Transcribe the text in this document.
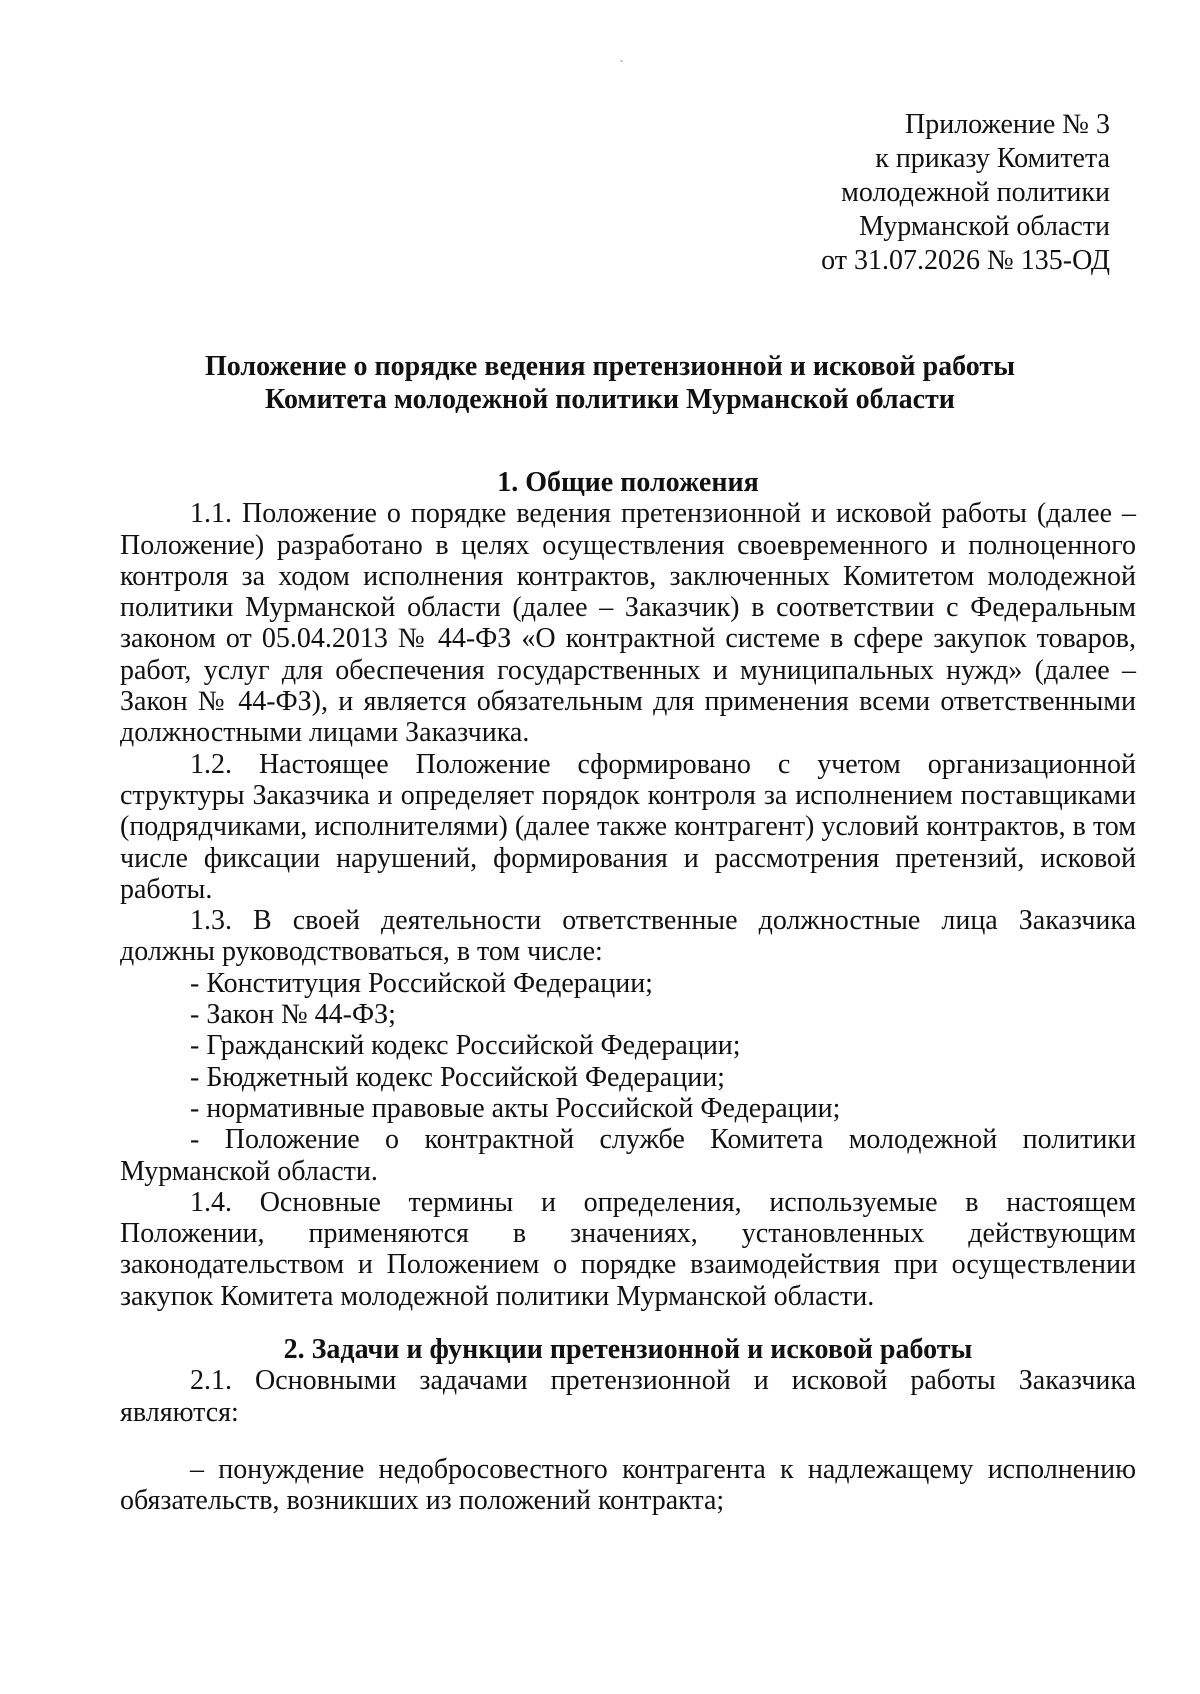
Приложение № 3
к приказу Комитета
молодежной политики
Мурманской области
от 31.07.2026 № 135-ОД
Положение о порядке ведения претензионной и исковой работы
Комитета молодежной политики Мурманской области

1. Общие положения

1.1. Положение о порядке ведения претензионной и исковой работы (далее – Положение) разработано в целях осуществления своевременного и полноценного контроля за ходом исполнения контрактов, заключенных Комитетом молодежной политики Мурманской области (далее – Заказчик) в соответствии с Федеральным законом от 05.04.2013 № 44-ФЗ «О контрактной системе в сфере закупок товаров, работ, услуг для обеспечения государственных и муниципальных нужд» (далее – Закон № 44-ФЗ), и является обязательным для применения всеми ответственными должностными лицами Заказчика.

1.2. Настоящее Положение сформировано с учетом организационной структуры Заказчика и определяет порядок контроля за исполнением поставщиками (подрядчиками, исполнителями) (далее также контрагент) условий контрактов, в том числе фиксации нарушений, формирования и рассмотрения претензий, исковой работы.

1.3. В своей деятельности ответственные должностные лица Заказчика должны руководствоваться, в том числе:

- Конституция Российской Федерации;

- Закон № 44-ФЗ;

- Гражданский кодекс Российской Федерации;

- Бюджетный кодекс Российской Федерации;

- нормативные правовые акты Российской Федерации;

- Положение о контрактной службе Комитета молодежной политики Мурманской области.

1.4. Основные термины и определения, используемые в настоящем Положении, применяются в значениях, установленных действующим законодательством и Положением о порядке взаимодействия при осуществлении закупок Комитета молодежной политики Мурманской области.

2. Задачи и функции претензионной и исковой работы

2.1. Основными задачами претензионной и исковой работы Заказчика являются:

– понуждение недобросовестного контрагента к надлежащему исполнению обязательств, возникших из положений контракта;
